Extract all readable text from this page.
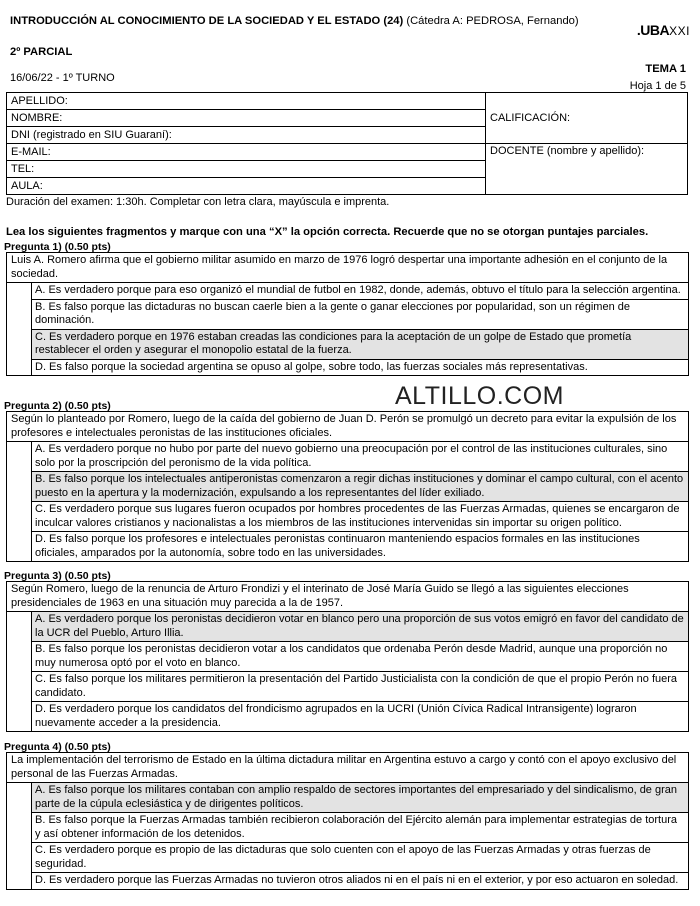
INTRODUCCIÓN AL CONOCIMIENTO DE LA SOCIEDAD Y EL ESTADO (24) (Cátedra A: PEDROSA, Fernando)
2º PARCIAL
16/06/22 - 1º TURNO
.UBAXXI
TEMA 1
Hoja 1 de 5
APELLIDO:	CALIFICACIÓN:
NOMBRE:	
DNI (registrado en SIU Guaraní):	
E-MAIL:	DOCENTE (nombre y apellido):
TEL:	
AULA:	
Duración del examen: 1:30h. Completar con letra clara, mayúscula e imprenta.
Lea los siguientes fragmentos y marque con una “X” la opción correcta. Recuerde que no se otorgan puntajes parciales.
Pregunta 1) (0.50 pts)
Luis A. Romero afirma que el gobierno militar asumido en marzo de 1976 logró despertar una importante adhesión en el conjunto de la sociedad.	
	A. Es verdadero porque para eso organizó el mundial de futbol en 1982, donde, además, obtuvo el título para la selección argentina.
	B. Es falso porque las dictaduras no buscan caerle bien a la gente o ganar elecciones por popularidad, son un régimen de dominación.
	C. Es verdadero porque en 1976 estaban creadas las condiciones para la aceptación de un golpe de Estado que prometía restablecer el orden y asegurar el monopolio estatal de la fuerza.
	D. Es falso porque la sociedad argentina se opuso al golpe, sobre todo, las fuerzas sociales más representativas.
ALTILLO.COM
Pregunta 2) (0.50 pts)
Según lo planteado por Romero, luego de la caída del gobierno de Juan D. Perón se promulgó un decreto para evitar la expulsión de los profesores e intelectuales peronistas de las instituciones oficiales.	
	A. Es verdadero porque no hubo por parte del nuevo gobierno una preocupación por el control de las instituciones culturales, sino solo por la proscripción del peronismo de la vida política.
	B. Es falso porque los intelectuales antiperonistas comenzaron a regir dichas instituciones y dominar el campo cultural, con el acento puesto en la apertura y la modernización, expulsando a los representantes del líder exiliado.
	C. Es verdadero porque sus lugares fueron ocupados por hombres procedentes de las Fuerzas Armadas, quienes se encargaron de inculcar valores cristianos y nacionalistas a los miembros de las instituciones intervenidas sin importar su origen político.
	D. Es falso porque los profesores e intelectuales peronistas continuaron manteniendo espacios formales en las instituciones oficiales, amparados por la autonomía, sobre todo en las universidades.
Pregunta 3) (0.50 pts)
Según Romero, luego de la renuncia de Arturo Frondizi y el interinato de José María Guido se llegó a las siguientes elecciones presidenciales de 1963 en una situación muy parecida a la de 1957.	
	A. Es verdadero porque los peronistas decidieron votar en blanco pero una proporción de sus votos emigró en favor del candidato de la UCR del Pueblo, Arturo Illia.
	B. Es falso porque los peronistas decidieron votar a los candidatos que ordenaba Perón desde Madrid, aunque una proporción no muy numerosa optó por el voto en blanco.
	C. Es falso porque los militares permitieron la presentación del Partido Justicialista con la condición de que el propio Perón no fuera candidato.
	D. Es verdadero porque los candidatos del frondicismo agrupados en la UCRI (Unión Cívica Radical Intransigente) lograron nuevamente acceder a la presidencia.
Pregunta 4) (0.50 pts)
La implementación del terrorismo de Estado en la última dictadura militar en Argentina estuvo a cargo y contó con el apoyo exclusivo del personal de las Fuerzas Armadas.	
	A. Es falso porque los militares contaban con amplio respaldo de sectores importantes del empresariado y del sindicalismo, de gran parte de la cúpula eclesiástica y de dirigentes políticos.
	B. Es falso porque la Fuerzas Armadas también recibieron colaboración del Ejército alemán para implementar estrategias de tortura y así obtener información de los detenidos.
	C. Es verdadero porque es propio de las dictaduras que solo cuenten con el apoyo de las Fuerzas Armadas y otras fuerzas de seguridad.
	D. Es verdadero porque las Fuerzas Armadas no tuvieron otros aliados ni en el país ni en el exterior, y por eso actuaron en soledad.
